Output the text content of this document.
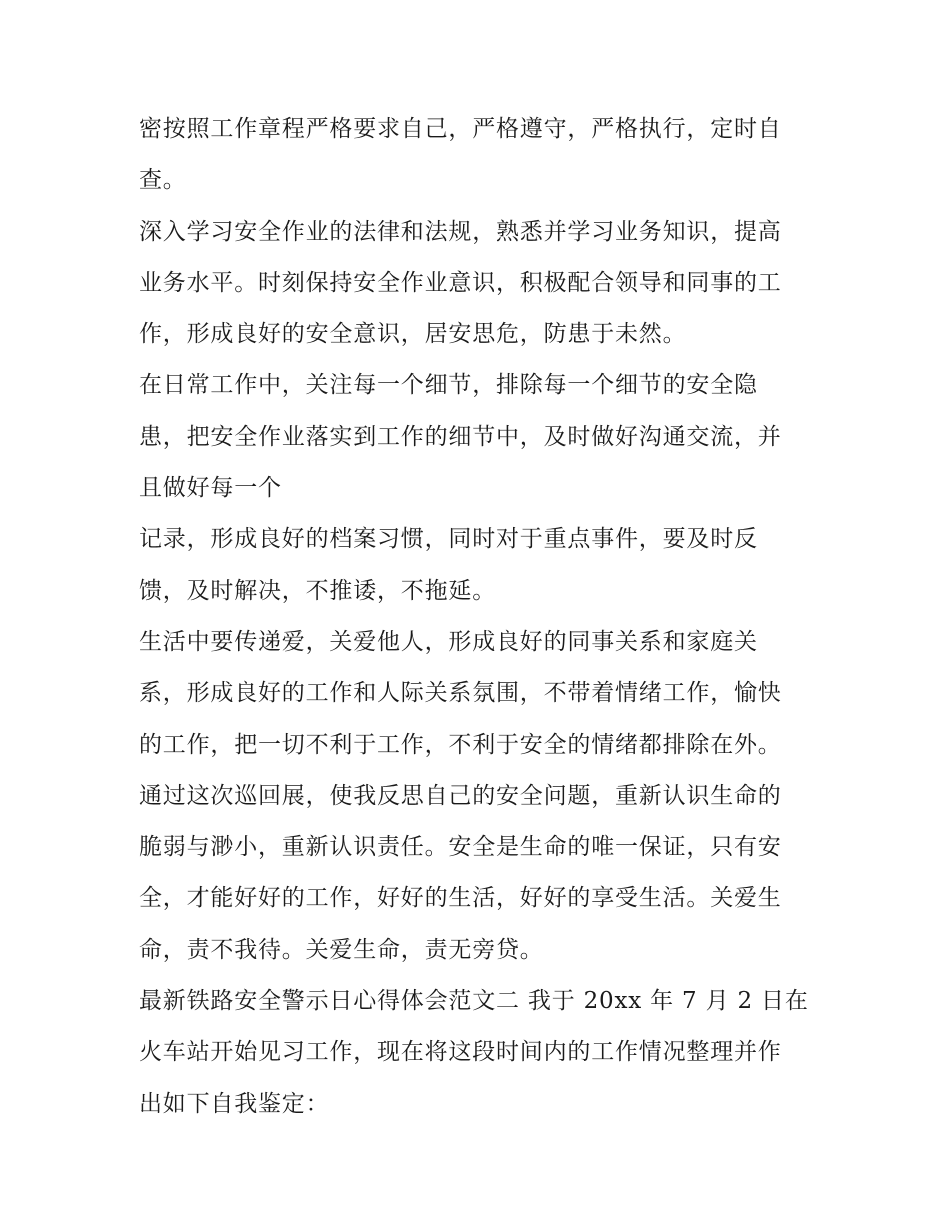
密按照工作章程严格要求自己，严格遵守，严格执行，定时自
查。
深入学习安全作业的法律和法规，熟悉并学习业务知识，提高
业务水平。时刻保持安全作业意识，积极配合领导和同事的工
作，形成良好的安全意识，居安思危，防患于未然。
在日常工作中，关注每一个细节，排除每一个细节的安全隐
患，把安全作业落实到工作的细节中，及时做好沟通交流，并
且做好每一个
记录，形成良好的档案习惯，同时对于重点事件，要及时反
馈，及时解决，不推诿，不拖延。
生活中要传递爱，关爱他人，形成良好的同事关系和家庭关
系，形成良好的工作和人际关系氛围，不带着情绪工作，愉快
的工作，把一切不利于工作，不利于安全的情绪都排除在外。
通过这次巡回展，使我反思自己的安全问题，重新认识生命的
脆弱与渺小，重新认识责任。安全是生命的唯一保证，只有安
全，才能好好的工作，好好的生活，好好的享受生活。关爱生
命，责不我待。关爱生命，责无旁贷。
最新铁路安全警示日心得体会范文二 我于 20xx 年 7 月 2 日在
火车站开始见习工作，现在将这段时间内的工作情况整理并作
出如下自我鉴定：
